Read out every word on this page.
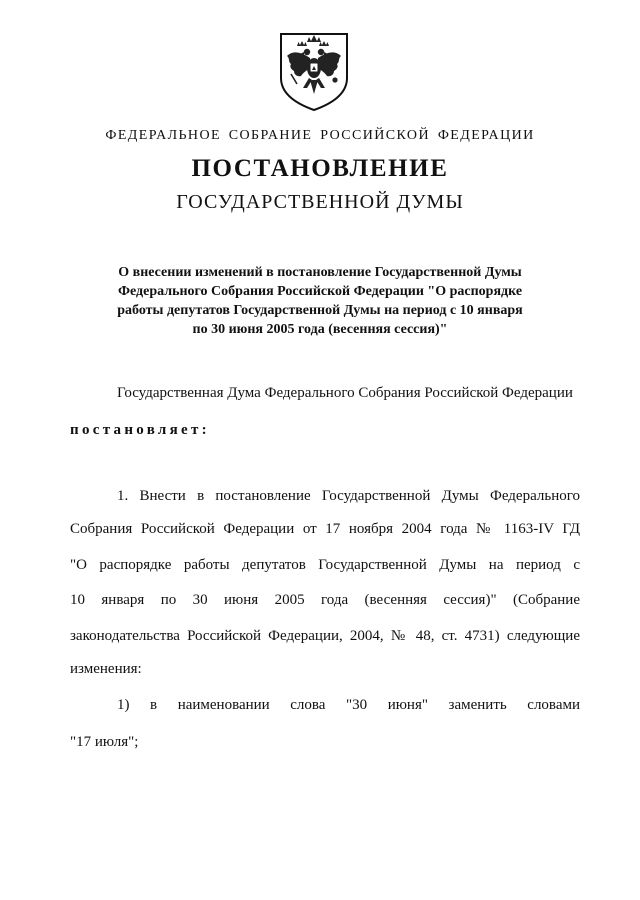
ФЕДЕРАЛЬНОЕ СОБРАНИЕ РОССИЙСКОЙ ФЕДЕРАЦИИ
ПОСТАНОВЛЕНИЕ
ГОСУДАРСТВЕННОЙ ДУМЫ
О внесении изменений в постановление Государственной Думы
Федерального Собрания Российской Федерации "О распорядке
работы депутатов Государственной Думы на период с 10 января
по 30 июня 2005 года (весенняя сессия)"
Государственная Дума Федерального Собрания Российской Федерации
постановляет:
1. Внести в постановление Государственной Думы Федерального
Собрания Российской Федерации от 17 ноября 2004 года № 1163-IV ГД
"О распорядке работы депутатов Государственной Думы на период с
10 января по 30 июня 2005 года (весенняя сессия)" (Собрание
законодательства Российской Федерации, 2004, № 48, ст. 4731) следующие
изменения:
1) в наименовании слова "30 июня" заменить словами
"17 июля";
